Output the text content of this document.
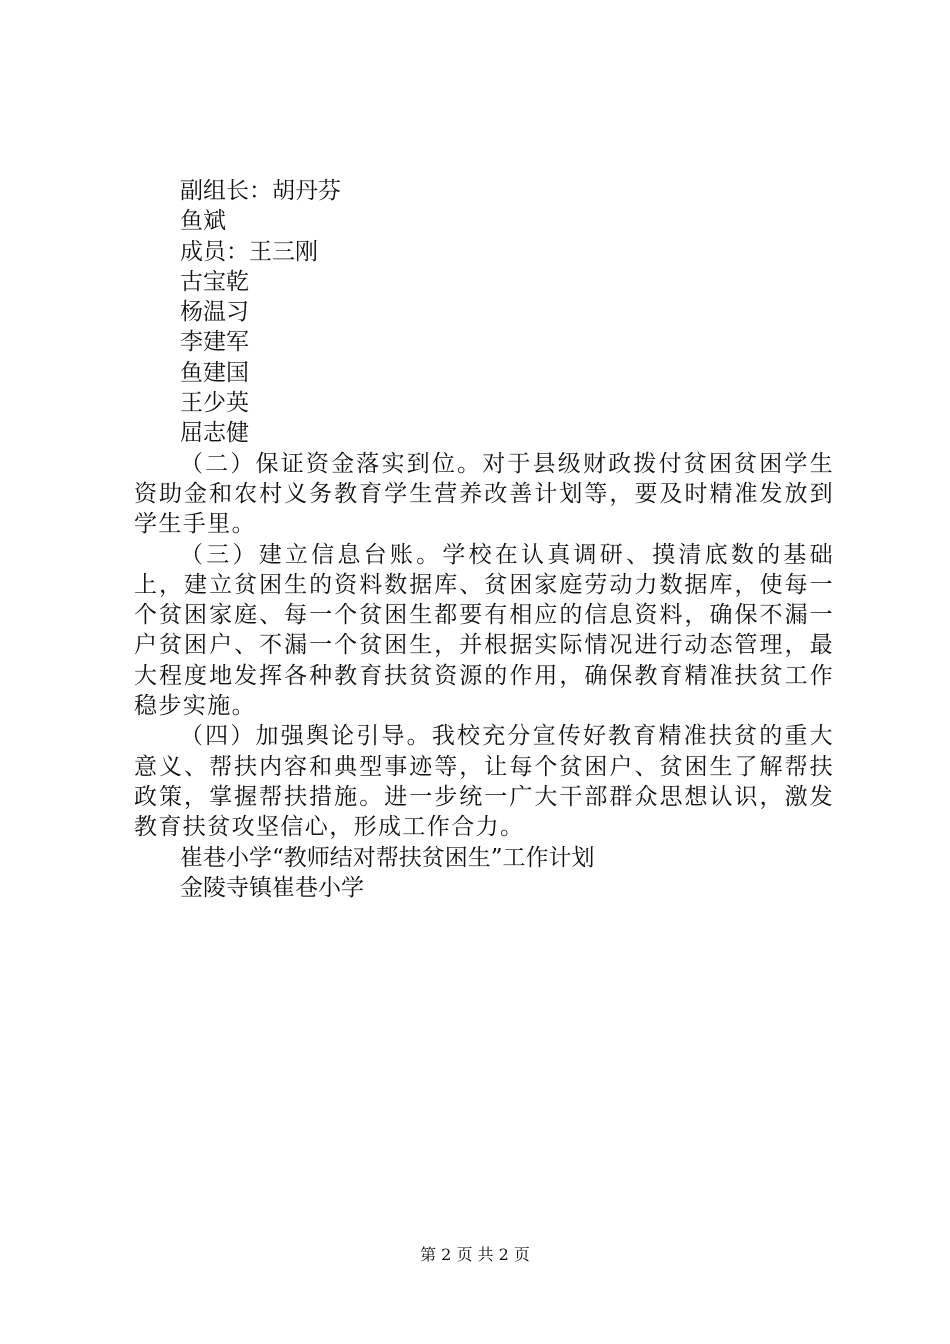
副组长：胡丹芬
鱼斌
成员：王三刚
古宝乾
杨温习
李建军
鱼建国
王少英
屈志健

（二）保证资金落实到位。对于县级财政拨付贫困贫困学生资助金和农村义务教育学生营养改善计划等，要及时精准发放到学生手里。

（三）建立信息台账。学校在认真调研、摸清底数的基础上，建立贫困生的资料数据库、贫困家庭劳动力数据库，使每一个贫困家庭、每一个贫困生都要有相应的信息资料，确保不漏一户贫困户、不漏一个贫困生，并根据实际情况进行动态管理，最大程度地发挥各种教育扶贫资源的作用，确保教育精准扶贫工作稳步实施。

（四）加强舆论引导。我校充分宣传好教育精准扶贫的重大意义、帮扶内容和典型事迹等，让每个贫困户、贫困生了解帮扶政策，掌握帮扶措施。进一步统一广大干部群众思想认识，激发教育扶贫攻坚信心，形成工作合力。

崔巷小学“教师结对帮扶贫困生”工作计划
金陵寺镇崔巷小学
第 2 页 共 2 页
